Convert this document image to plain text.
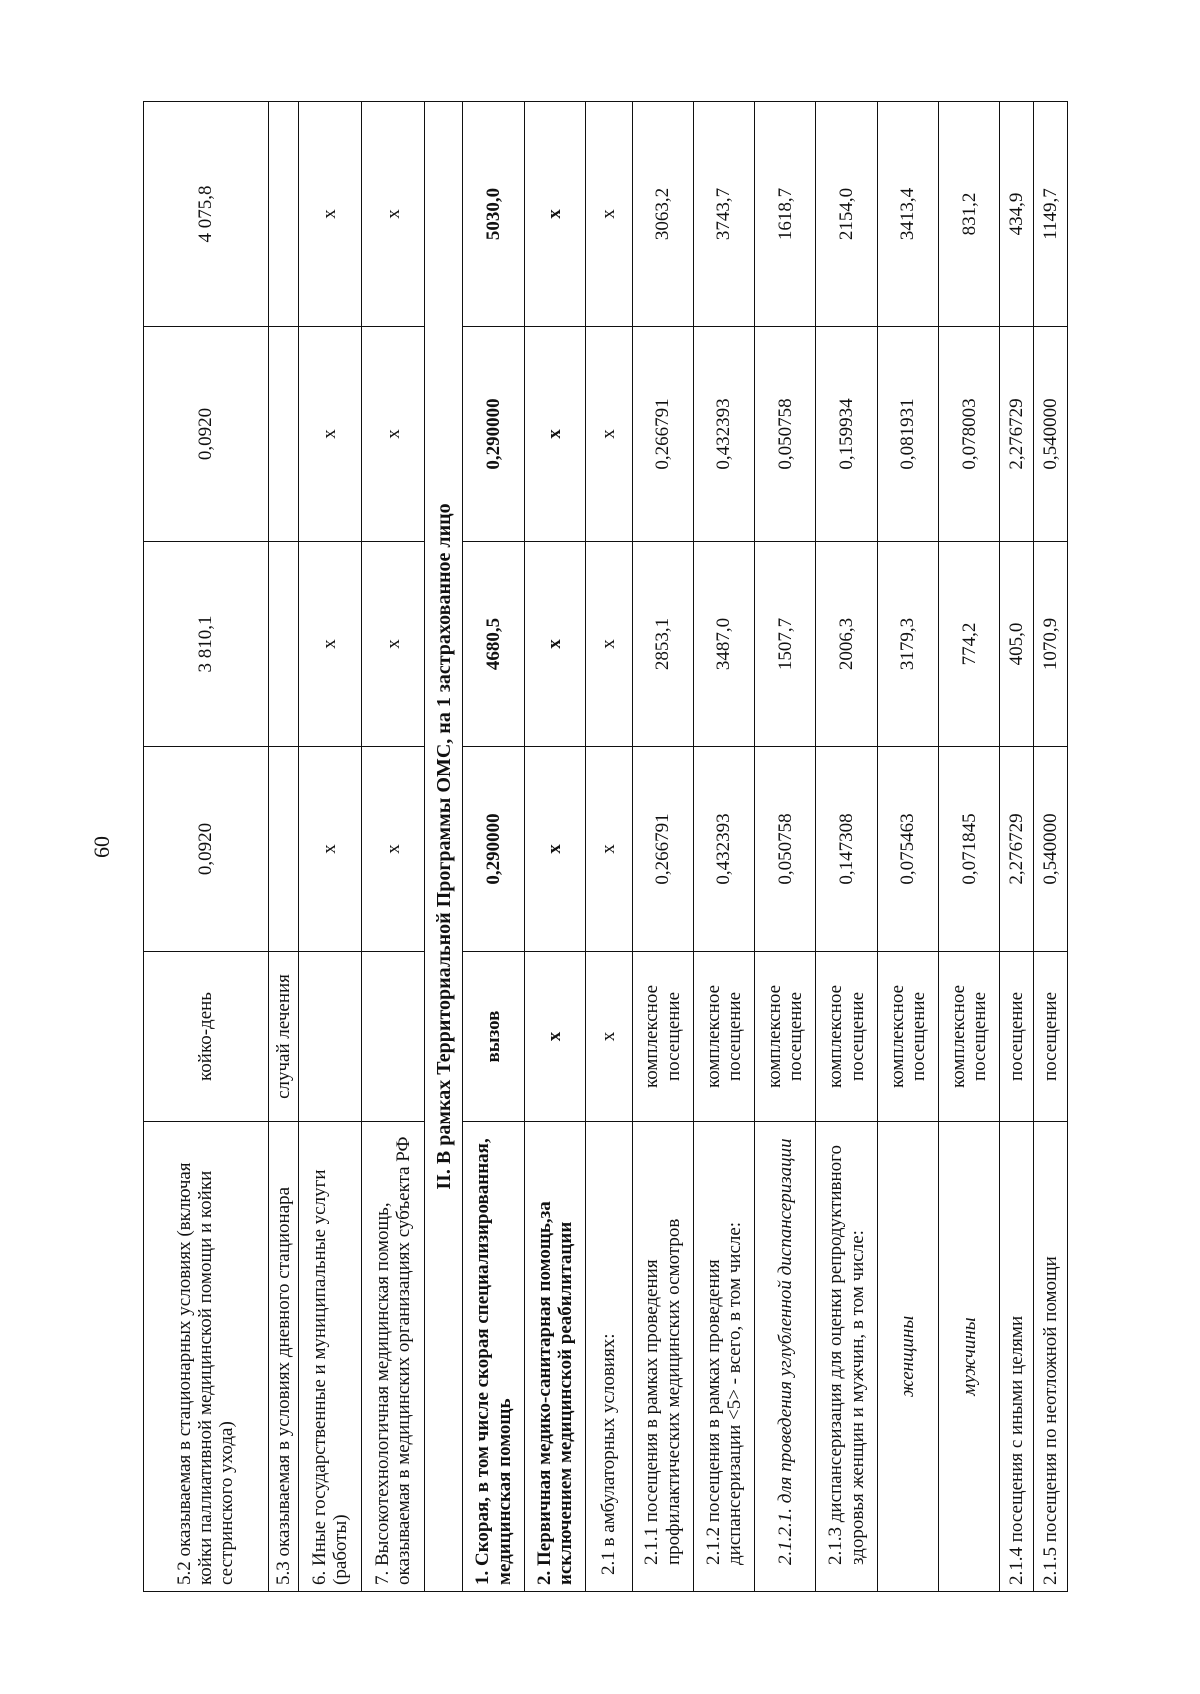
60
5.2 оказываемая в стационарных условиях (включая койки паллиативной медицинской помощи и койки сестринского ухода)	койко-день	0,0920	3 810,1	0,0920	4 075,8
5.3 оказываемая в условиях дневного стационара	случай лечения				
6. Иные государственные и муниципальные услуги (работы)		х	х	х	х
7. Высокотехнологичная медицинская помощь, оказываемая в медицинских организациях субъекта РФ		х	х	х	х
II. В рамках Территориальной Программы ОМС, на 1 застрахованное лицо					
1. Скорая, в том числе скорая специализированная, медицинская помощь	вызов	0,290000	4680,5	0,290000	5030,0
2. Первичная медико-санитарная помощь,за исключением медицинской реабилитации	х	х	х	х	х
2.1 в амбулаторных условиях:	х	х	х	х	х
2.1.1 посещения в рамках проведения профилактических медицинских осмотров	комплексное посещение	0,266791	2853,1	0,266791	3063,2
2.1.2 посещения в рамках проведения диспансеризации <5> - всего, в том числе:	комплексное посещение	0,432393	3487,0	0,432393	3743,7
2.1.2.1. для проведения углубленной диспансеризации	комплексное посещение	0,050758	1507,7	0,050758	1618,7
2.1.3 диспансеризация для оценки репродуктивного здоровья женщин и мужчин, в том числе:	комплексное посещение	0,147308	2006,3	0,159934	2154,0
женщины	комплексное посещение	0,075463	3179,3	0,081931	3413,4
мужчины	комплексное посещение	0,071845	774,2	0,078003	831,2
2.1.4 посещения с иными целями	посещение	2,276729	405,0	2,276729	434,9
2.1.5 посещения по неотложной помощи	посещение	0,540000	1070,9	0,540000	1149,7
